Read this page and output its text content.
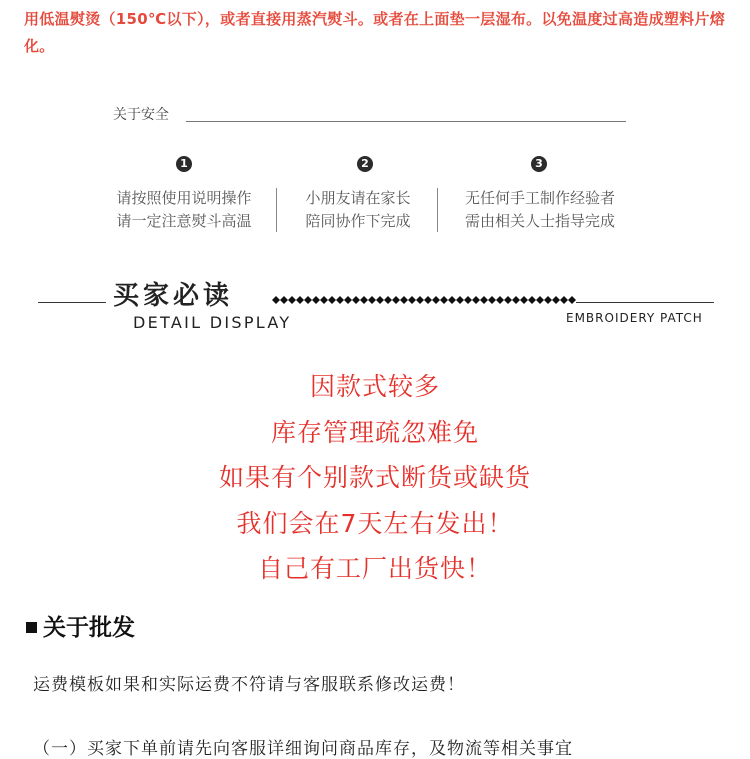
用低温熨烫（150℃以下），或者直接用蒸汽熨斗。或者在上面垫一层湿布。以免温度过高造成塑料片熔化。
关于安全
1
请按照使用说明操作
请一定注意熨斗高温
2
小朋友请在家长
陪同协作下完成
3
无任何手工制作经验者
需由相关人士指导完成
买家必读
DETAIL DISPLAY	EMBROIDERY PATCH
因款式较多
库存管理疏忽难免
如果有个别款式断货或缺货
我们会在7天左右发出！
自己有工厂出货快！
关于批发
运费模板如果和实际运费不符请与客服联系修改运费！
（一）买家下单前请先向客服详细询问商品库存，及物流等相关事宜
